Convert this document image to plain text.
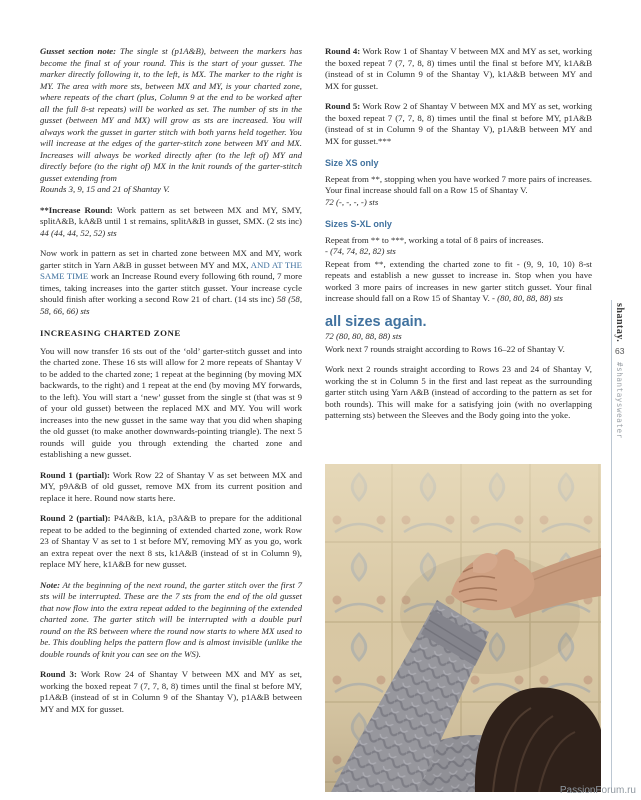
Gusset section note: The single st (p1A&B), between the markers has become the final st of your round. This is the start of your gusset. The marker directly following it, to the left, is MX. The marker to the right is MY. The area with more sts, between MX and MY, is your charted zone, where repeats of the chart (plus, Column 9 at the end to be worked after all the full 8-st repeats) will be worked as set. The number of sts in the gusset (between MY and MX) will grow as sts are increased. You will always work the gusset in garter stitch with both yarns held together. You will increase at the edges of the garter-stitch zone between MY and MX. Increases will always be worked directly after (to the left of) MY and directly before (to the right of) MX in the knit rounds of the garter-stitch gusset extending from
Rounds 3, 9, 15 and 21 of Shantay V.

**Increase Round: Work pattern as set between MX and MY, SMY, splitA&B, kA&B until 1 st remains, splitA&B in gusset, SMX. (2 sts inc) 44 (44, 44, 52, 52) sts

Now work in pattern as set in charted zone between MX and MY, work garter stitch in Yarn A&B in gusset between MY and MX, AND AT THE SAME TIME work an Increase Round every following 6th round, 7 more times, taking increases into the garter stitch gusset. Your increase cycle should finish after working a second Row 21 of chart. (14 sts inc) 58 (58, 58, 66, 66) sts

INCREASING CHARTED ZONE

You will now transfer 16 sts out of the ‘old’ garter-stitch gusset and into the charted zone. These 16 sts will allow for 2 more repeats of Shantay V to be added to the charted zone; 1 repeat at the beginning (by moving MX backwards, to the right) and 1 repeat at the end (by moving MY forwards, to the left). You will start a ‘new’ gusset from the single st (that was st 9 of your old gusset) between the replaced MX and MY. You will work increases into the new gusset in the same way that you did when shaping the old gusset (to make another downwards-pointing triangle). The next 5 rounds will guide you through extending the charted zone and establishing a new gusset.

Round 1 (partial): Work Row 22 of Shantay V as set between MX and MY, p9A&B of old gusset, remove MX from its current position and replace it here. Round now starts here.

Round 2 (partial): P4A&B, k1A, p3A&B to prepare for the additional repeat to be added to the beginning of extended charted zone, work Row 23 of Shantay V as set to 1 st before MY, removing MY as you go, work an extra repeat over the next 8 sts, k1A&B (instead of st in Column 9), replace MY here, k1A&B for new gusset.

Note: At the beginning of the next round, the garter stitch over the first 7 sts will be interrupted. These are the 7 sts from the end of the old gusset that now flow into the extra repeat added to the beginning of the extended charted zone. The garter stitch will be interrupted with a double purl round on the RS between where the round now starts to where MX used to be. This doubling helps the pattern flow and is almost invisible (unlike the double rounds of knit you can see on the WS).

Round 3: Work Row 24 of Shantay V between MX and MY as set, working the boxed repeat 7 (7, 7, 8, 8) times until the final st before MY, p1A&B (instead of st in Column 9 of the Shantay V), p1A&B between MY and MX for gusset.

Round 4: Work Row 1 of Shantay V between MX and MY as set, working the boxed repeat 7 (7, 7, 8, 8) times until the final st before MY, k1A&B (instead of st in Column 9 of the Shantay V), k1A&B between MY and MX for gusset.

Round 5: Work Row 2 of Shantay V between MX and MY as set, working the boxed repeat 7 (7, 7, 8, 8) times until the final st before MY, p1A&B (instead of st in Column 9 of the Shantay V), p1A&B between MY and MX for gusset.***

Size XS only

Repeat from **, stopping when you have worked 7 more pairs of increases. Your final increase should fall on a Row 15 of Shantay V.
72 (-, -, -, -) sts

Sizes S-XL only

Repeat from ** to ***, working a total of 8 pairs of increases.
- (74, 74, 82, 82) sts

Repeat from **, extending the charted zone to fit - (9, 9, 10, 10) 8-st repeats and establish a new gusset to increase in. Stop when you have worked 3 more pairs of increases in new garter stitch gusset. Your final increase should fall on a Row 15 of Shantay V. - (80, 80, 88, 88) sts

all sizes again.

72 (80, 80, 88, 88) sts

Work next 7 rounds straight according to Rows 16–22 of Shantay V.

Work next 2 rounds straight according to Rows 23 and 24 of Shantay V, working the st in Column 5 in the first and last repeat as the surrounding garter stitch using Yarn A&B (instead of according to the pattern as set for both rounds). This will make for a satisfying join (with no overlapping patterning sts) between the Sleeves and the Body going into the yoke.

shantay.
63
#shantaysweater
PassionForum.ru
